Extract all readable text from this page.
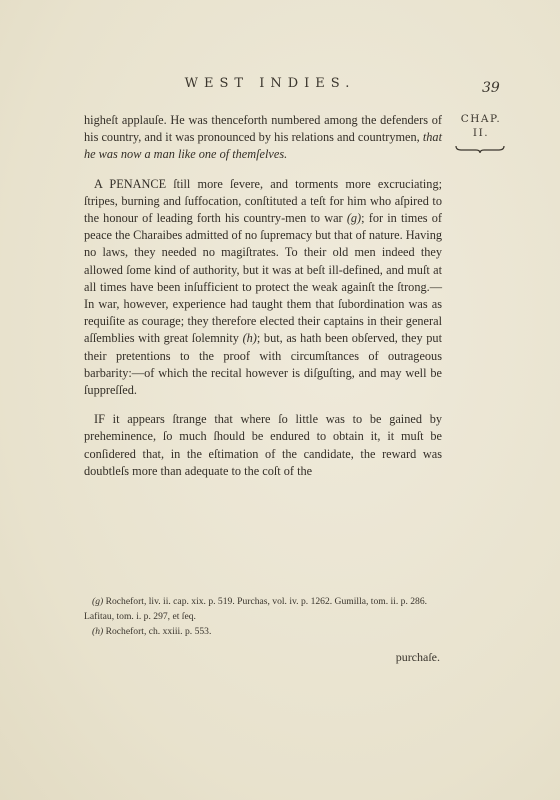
WEST INDIES.	39
CHAP.
II.

higheſt applauſe. He was thenceforth numbered among the defenders of his country, and it was pronounced by his relations and countrymen, that he was now a man like one of themſelves.

A PENANCE ſtill more ſevere, and torments more excruciating; ſtripes, burning and ſuffocation, conſtituted a teſt for him who aſpired to the honour of leading forth his country-men to war (g); for in times of peace the Charaibes admitted of no ſupremacy but that of nature. Having no laws, they needed no magiſtrates. To their old men indeed they allowed ſome kind of authority, but it was at beſt ill-defined, and muſt at all times have been inſufficient to protect the weak againſt the ſtrong.—In war, however, experience had taught them that ſubordination was as requiſite as courage; they therefore elected their captains in their general aſſemblies with great ſolemnity (h); but, as hath been obſerved, they put their pretentions to the proof with circumſtances of outrageous barbarity:—of which the recital however is diſguſting, and may well be ſuppreſſed.

IF it appears ſtrange that where ſo little was to be gained by preheminence, ſo much ſhould be endured to obtain it, it muſt be conſidered that, in the eſtimation of the candidate, the reward was doubtleſs more than adequate to the coſt of the

(g) Rochefort, liv. ii. cap. xix. p. 519. Purchas, vol. iv. p. 1262. Gumilla, tom. ii. p. 286. Lafitau, tom. i. p. 297, et ſeq.

(h) Rochefort, ch. xxiii. p. 553.

purchaſe.
